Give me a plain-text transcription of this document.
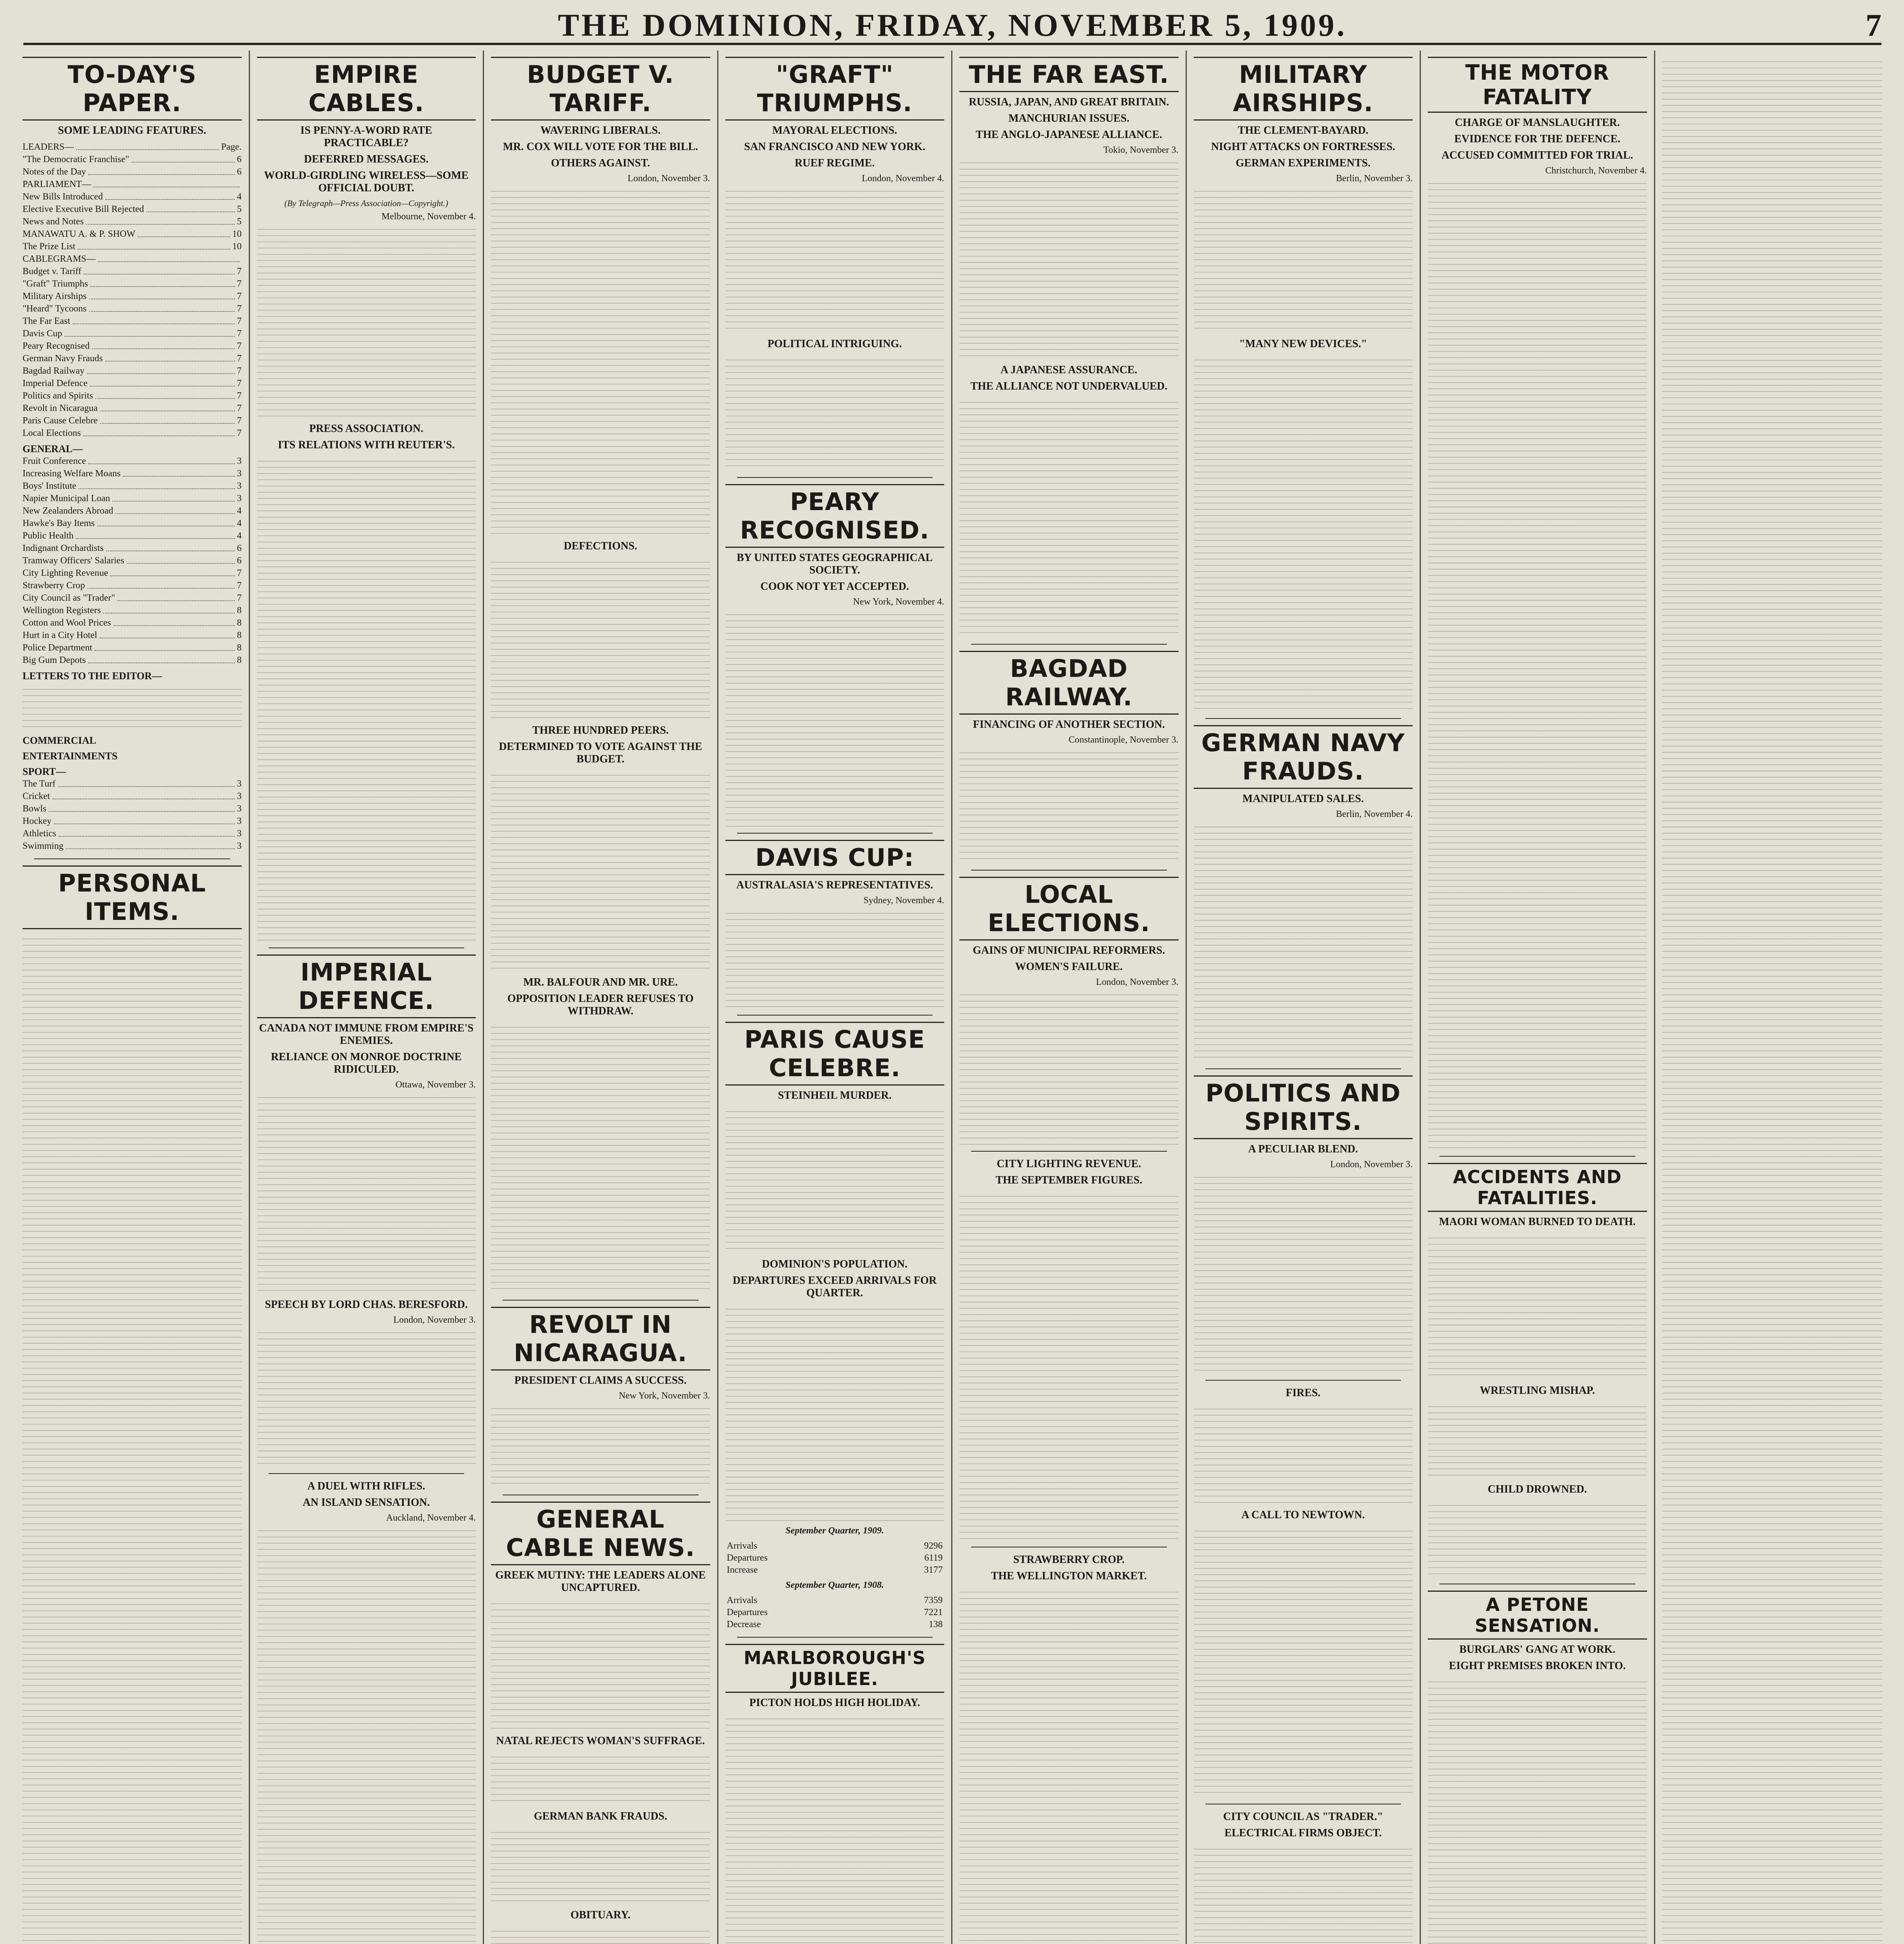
THE DOMINION, FRIDAY, NOVEMBER 5, 1909.	7
TO-DAY'S PAPER.
SOME LEADING FEATURES.
LEADERS—	Page.
"The Democratic Franchise"	6
Notes of the Day	6
PARLIAMENT—
New Bills Introduced	4
Elective Executive Bill Rejected	5
News and Notes	5
MANAWATU A. & P. SHOW	10
The Prize List	10
CABLEGRAMS—
Budget v. Tariff	7
"Graft" Triumphs	7
Military Airships	7
"Heard" Tycoons	7
The Far East	7
Davis Cup	7
Peary Recognised	7
German Navy Frauds	7
Bagdad Railway	7
Imperial Defence	7
Politics and Spirits	7
Revolt in Nicaragua	7
Paris Cause Celebre	7
Local Elections	7
GENERAL—
Fruit Conference	3
Increasing Welfare Moans	3
Boys' Institute	3
Napier Municipal Loan	3
New Zealanders Abroad	4
Hawke's Bay Items	4
Public Health	4
Indignant Orchardists	6
Tramway Officers' Salaries	6
City Lighting Revenue	7
Strawberry Crop	7
City Council as "Trader"	7
Wellington Registers	8
Cotton and Wool Prices	8
Hurt in a City Hotel	8
Police Department	8
Big Gum Depots	8
LETTERS TO THE EDITOR—
COMMERCIAL
ENTERTAINMENTS
SPORT—
The Turf	3
Cricket	3
Bowls	3
Hockey	3
Athletics	3
Swimming	3
PERSONAL ITEMS.
EMPIRE CABLES.
IS PENNY-A-WORD RATE PRACTICABLE?
DEFERRED MESSAGES.
WORLD-GIRDLING WIRELESS—SOME OFFICIAL DOUBT.
(By Telegraph—Press Association—Copyright.)
Melbourne, November 4.
PRESS ASSOCIATION.
ITS RELATIONS WITH REUTER'S.
IMPERIAL DEFENCE.
CANADA NOT IMMUNE FROM EMPIRE'S ENEMIES.
RELIANCE ON MONROE DOCTRINE RIDICULED.
Ottawa, November 3.
SPEECH BY LORD CHAS. BERESFORD.
London, November 3.
A DUEL WITH RIFLES.
AN ISLAND SENSATION.
Auckland, November 4.
BUDGET V. TARIFF.
WAVERING LIBERALS.
MR. COX WILL VOTE FOR THE BILL.
OTHERS AGAINST.
London, November 3.
DEFECTIONS.
THREE HUNDRED PEERS.
DETERMINED TO VOTE AGAINST THE BUDGET.
MR. BALFOUR AND MR. URE.
OPPOSITION LEADER REFUSES TO WITHDRAW.
REVOLT IN NICARAGUA.
PRESIDENT CLAIMS A SUCCESS.
New York, November 3.
GENERAL CABLE NEWS.
GREEK MUTINY: THE LEADERS ALONE UNCAPTURED.
NATAL REJECTS WOMAN'S SUFFRAGE.
GERMAN BANK FRAUDS.
OBITUARY.
"GRAFT" TRIUMPHS.
MAYORAL ELECTIONS.
SAN FRANCISCO AND NEW YORK.
RUEF REGIME.
London, November 4.
POLITICAL INTRIGUING.
PEARY RECOGNISED.
BY UNITED STATES GEOGRAPHICAL SOCIETY.
COOK NOT YET ACCEPTED.
New York, November 4.
DAVIS CUP:
AUSTRALASIA'S REPRESENTATIVES.
Sydney, November 4.
PARIS CAUSE CELEBRE.
STEINHEIL MURDER.
DOMINION'S POPULATION.
DEPARTURES EXCEED ARRIVALS FOR QUARTER.
September Quarter, 1909.
Arrivals	9296
Departures	6119
Increase	3177
September Quarter, 1908.
Arrivals	7359
Departures	7221
Decrease	138
MARLBOROUGH'S JUBILEE.
PICTON HOLDS HIGH HOLIDAY.
THE FAR EAST.
RUSSIA, JAPAN, AND GREAT BRITAIN.
MANCHURIAN ISSUES.
THE ANGLO-JAPANESE ALLIANCE.
Tokio, November 3.
A JAPANESE ASSURANCE.
THE ALLIANCE NOT UNDERVALUED.
BAGDAD RAILWAY.
FINANCING OF ANOTHER SECTION.
Constantinople, November 3.
LOCAL ELECTIONS.
GAINS OF MUNICIPAL REFORMERS.
WOMEN'S FAILURE.
London, November 3.
CITY LIGHTING REVENUE.
THE SEPTEMBER FIGURES.
STRAWBERRY CROP.
THE WELLINGTON MARKET.
MILITARY AIRSHIPS.
THE CLEMENT-BAYARD.
NIGHT ATTACKS ON FORTRESSES.
GERMAN EXPERIMENTS.
Berlin, November 3.
"MANY NEW DEVICES."
GERMAN NAVY FRAUDS.
MANIPULATED SALES.
Berlin, November 4.
POLITICS AND SPIRITS.
A PECULIAR BLEND.
London, November 3.
FIRES.
A CALL TO NEWTOWN.
CITY COUNCIL AS "TRADER."
ELECTRICAL FIRMS OBJECT.
THE MOTOR FATALITY
CHARGE OF MANSLAUGHTER.
EVIDENCE FOR THE DEFENCE.
ACCUSED COMMITTED FOR TRIAL.
Christchurch, November 4.
ACCIDENTS AND FATALITIES.
MAORI WOMAN BURNED TO DEATH.
WRESTLING MISHAP.
CHILD DROWNED.
A PETONE SENSATION.
BURGLARS' GANG AT WORK.
EIGHT PREMISES BROKEN INTO.
